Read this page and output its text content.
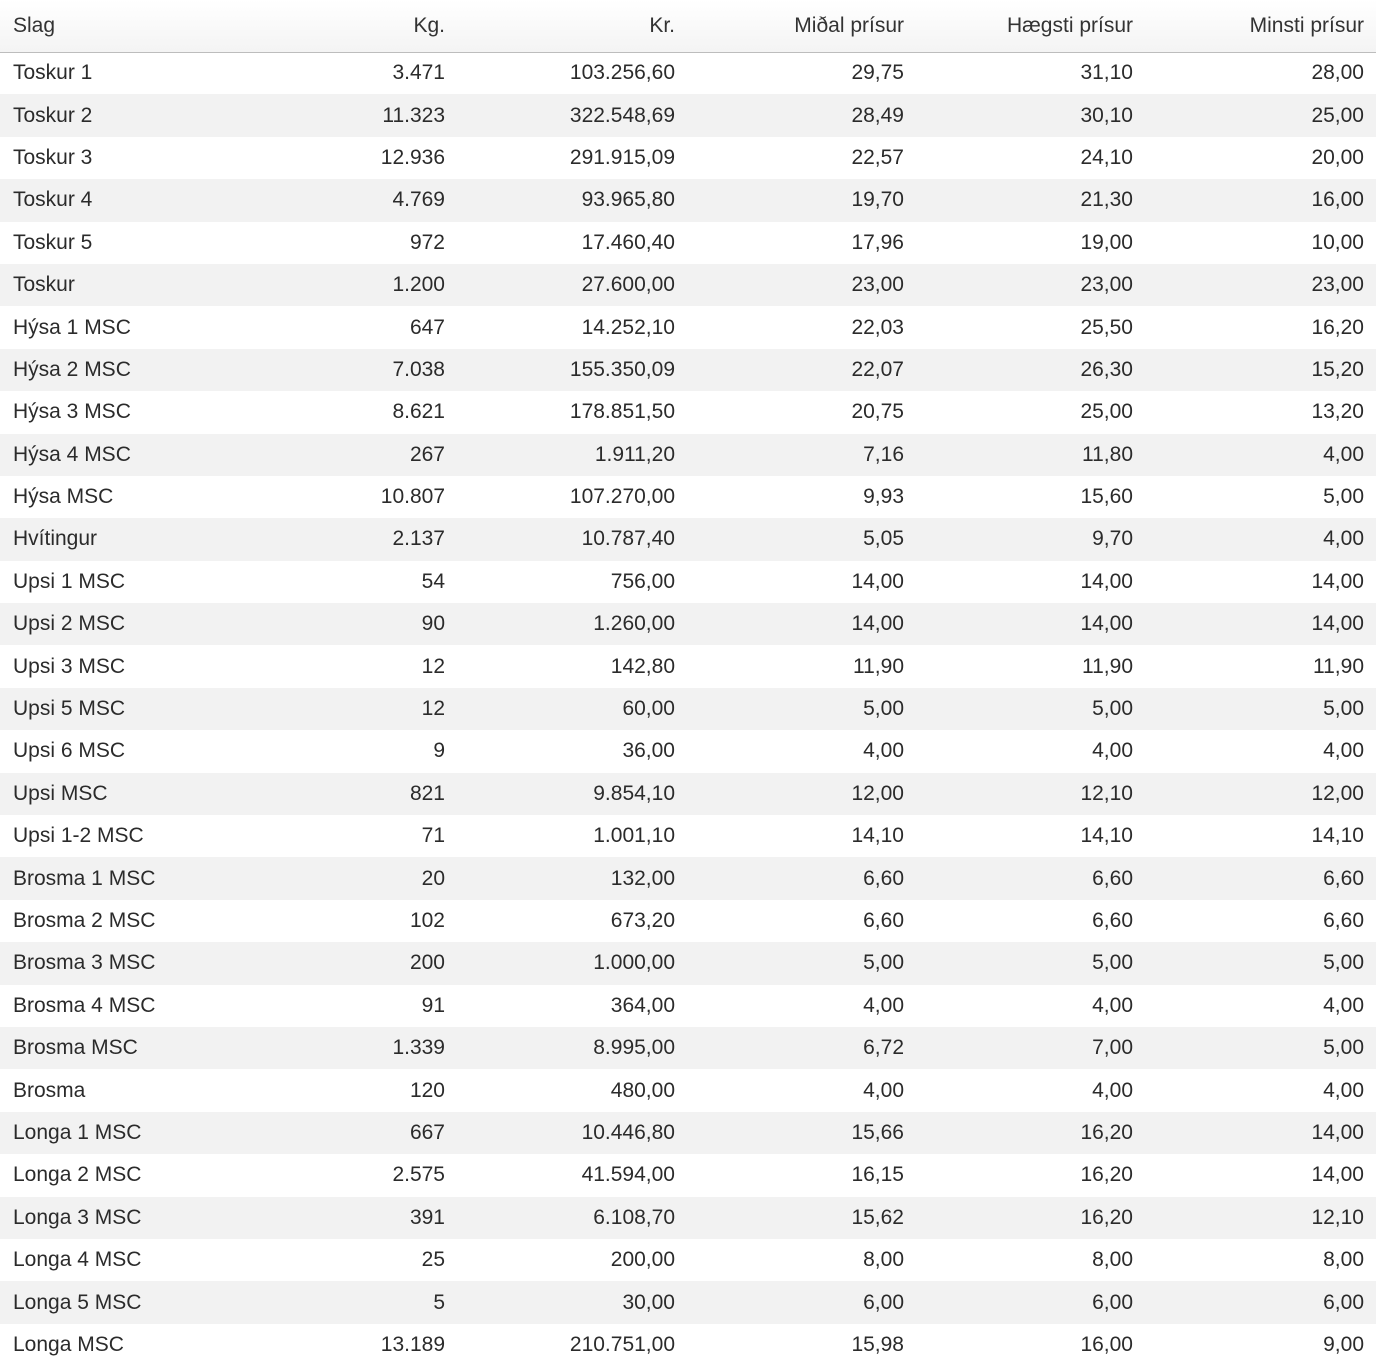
Slag	Kg.	Kr.	Miðal prísur	Hægsti prísur	Minsti prísur
Toskur 1	3.471	103.256,60	29,75	31,10	28,00
Toskur 2	11.323	322.548,69	28,49	30,10	25,00
Toskur 3	12.936	291.915,09	22,57	24,10	20,00
Toskur 4	4.769	93.965,80	19,70	21,30	16,00
Toskur 5	972	17.460,40	17,96	19,00	10,00
Toskur	1.200	27.600,00	23,00	23,00	23,00
Hýsa 1 MSC	647	14.252,10	22,03	25,50	16,20
Hýsa 2 MSC	7.038	155.350,09	22,07	26,30	15,20
Hýsa 3 MSC	8.621	178.851,50	20,75	25,00	13,20
Hýsa 4 MSC	267	1.911,20	7,16	11,80	4,00
Hýsa MSC	10.807	107.270,00	9,93	15,60	5,00
Hvítingur	2.137	10.787,40	5,05	9,70	4,00
Upsi 1 MSC	54	756,00	14,00	14,00	14,00
Upsi 2 MSC	90	1.260,00	14,00	14,00	14,00
Upsi 3 MSC	12	142,80	11,90	11,90	11,90
Upsi 5 MSC	12	60,00	5,00	5,00	5,00
Upsi 6 MSC	9	36,00	4,00	4,00	4,00
Upsi MSC	821	9.854,10	12,00	12,10	12,00
Upsi 1-2 MSC	71	1.001,10	14,10	14,10	14,10
Brosma 1 MSC	20	132,00	6,60	6,60	6,60
Brosma 2 MSC	102	673,20	6,60	6,60	6,60
Brosma 3 MSC	200	1.000,00	5,00	5,00	5,00
Brosma 4 MSC	91	364,00	4,00	4,00	4,00
Brosma MSC	1.339	8.995,00	6,72	7,00	5,00
Brosma	120	480,00	4,00	4,00	4,00
Longa 1 MSC	667	10.446,80	15,66	16,20	14,00
Longa 2 MSC	2.575	41.594,00	16,15	16,20	14,00
Longa 3 MSC	391	6.108,70	15,62	16,20	12,10
Longa 4 MSC	25	200,00	8,00	8,00	8,00
Longa 5 MSC	5	30,00	6,00	6,00	6,00
Longa MSC	13.189	210.751,00	15,98	16,00	9,00
